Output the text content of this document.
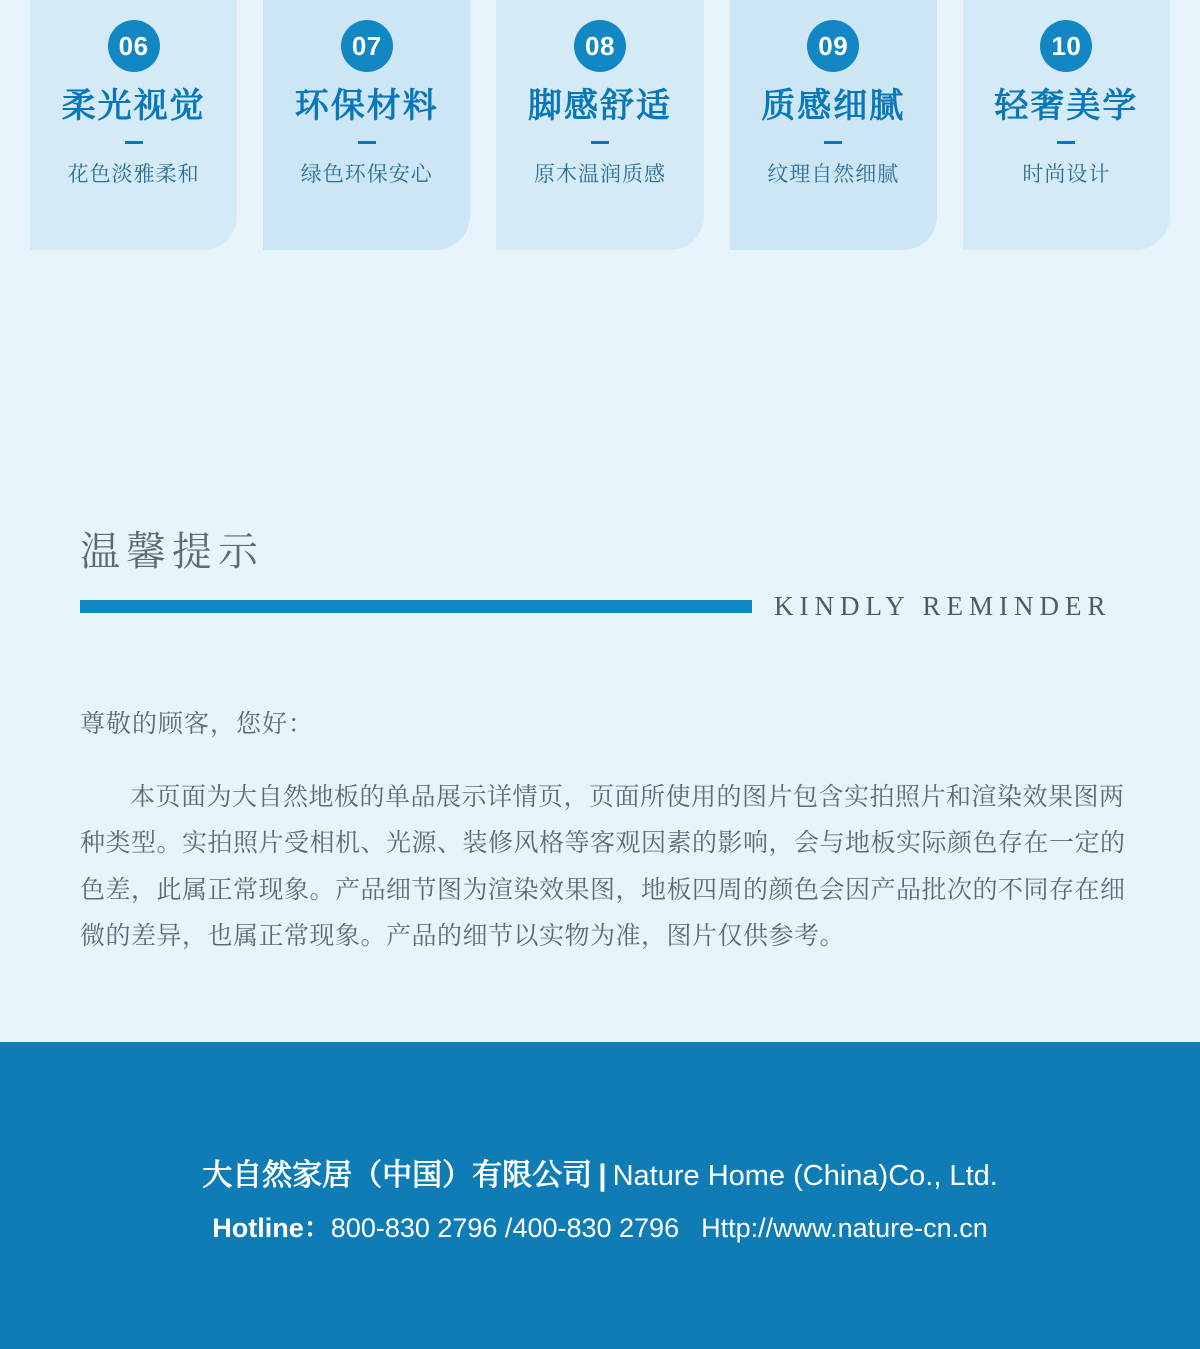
06
柔光视觉
花色淡雅柔和
07
环保材料
绿色环保安心
08
脚感舒适
原木温润质感
09
质感细腻
纹理自然细腻
10
轻奢美学
时尚设计
温馨提示
KINDLY REMINDER
尊敬的顾客，您好：
本页面为大自然地板的单品展示详情页，页面所使用的图片包含实拍照片和渲染效果图两种类型。实拍照片受相机、光源、装修风格等客观因素的影响，会与地板实际颜色存在一定的色差，此属正常现象。产品细节图为渲染效果图，地板四周的颜色会因产品批次的不同存在细微的差异，也属正常现象。产品的细节以实物为准，图片仅供参考。
大自然家居（中国）有限公司 | Nature Home (China)Co., Ltd.
Hotline：800-830 2796 /400-830 2796 Http://www.nature-cn.cn
